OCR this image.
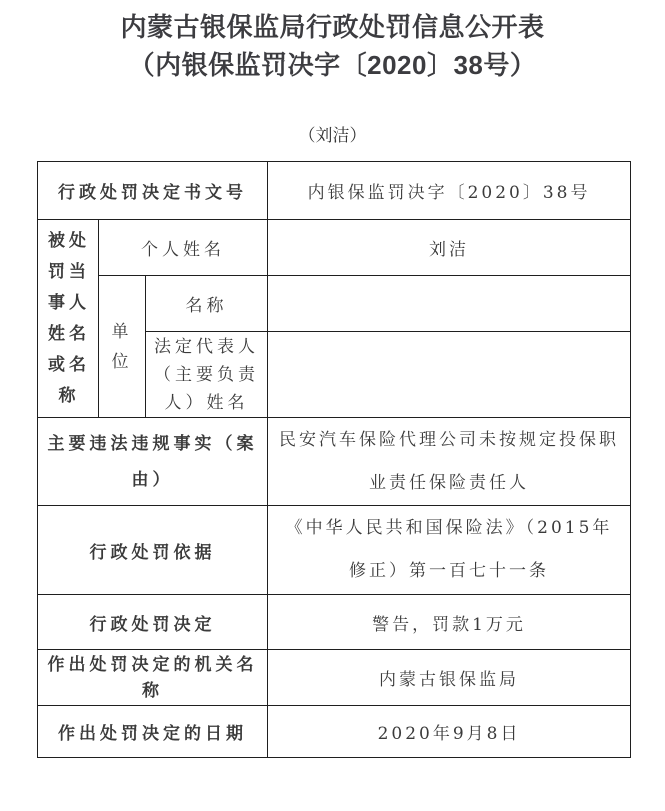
内蒙古银保监局行政处罚信息公开表
（内银保监罚决字〔2020〕38号）
（刘洁）
行政处罚决定书文号			内银保监罚决字〔2020〕38号
被处罚当事人姓名或名称	个人姓名		刘洁
	单位	名称	
		法定代表人（主要负责人）姓名	
主要违法违规事实（案由）			民安汽车保险代理公司未按规定投保职业责任保险责任人
行政处罚依据			《中华人民共和国保险法》（2015年修正）第一百七十一条
行政处罚决定			警告，罚款1万元
作出处罚决定的机关名称			内蒙古银保监局
作出处罚决定的日期			2020年9月8日
